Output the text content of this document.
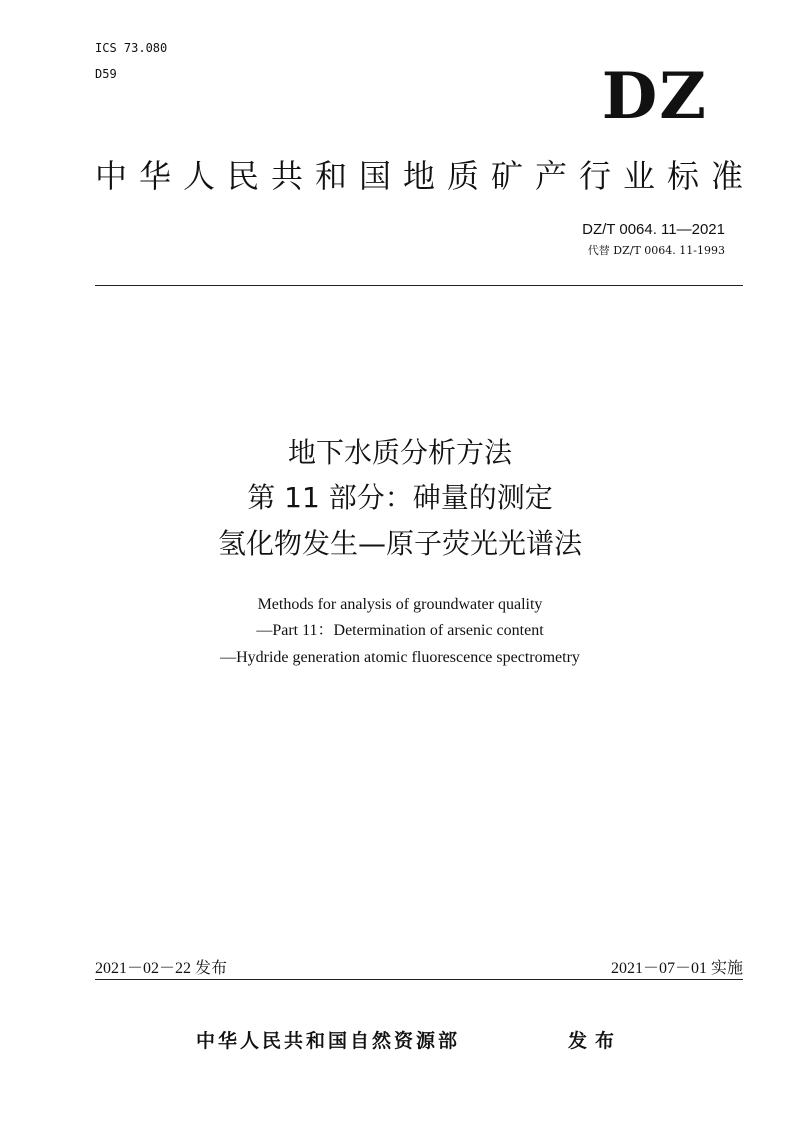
ICS 73.080
D59	DZ
中华人民共和国地质矿产行业标准
DZ/T 0064. 11—2021
代替 DZ/T 0064. 11-1993
地下水质分析方法
第 11 部分：砷量的测定
氢化物发生—原子荧光光谱法
Methods for analysis of groundwater quality
—Part 11：Determination of arsenic content
—Hydride generation atomic fluorescence spectrometry
2021－02－22 发布	2021－07－01 实施
中华人民共和国自然资源部	发布
